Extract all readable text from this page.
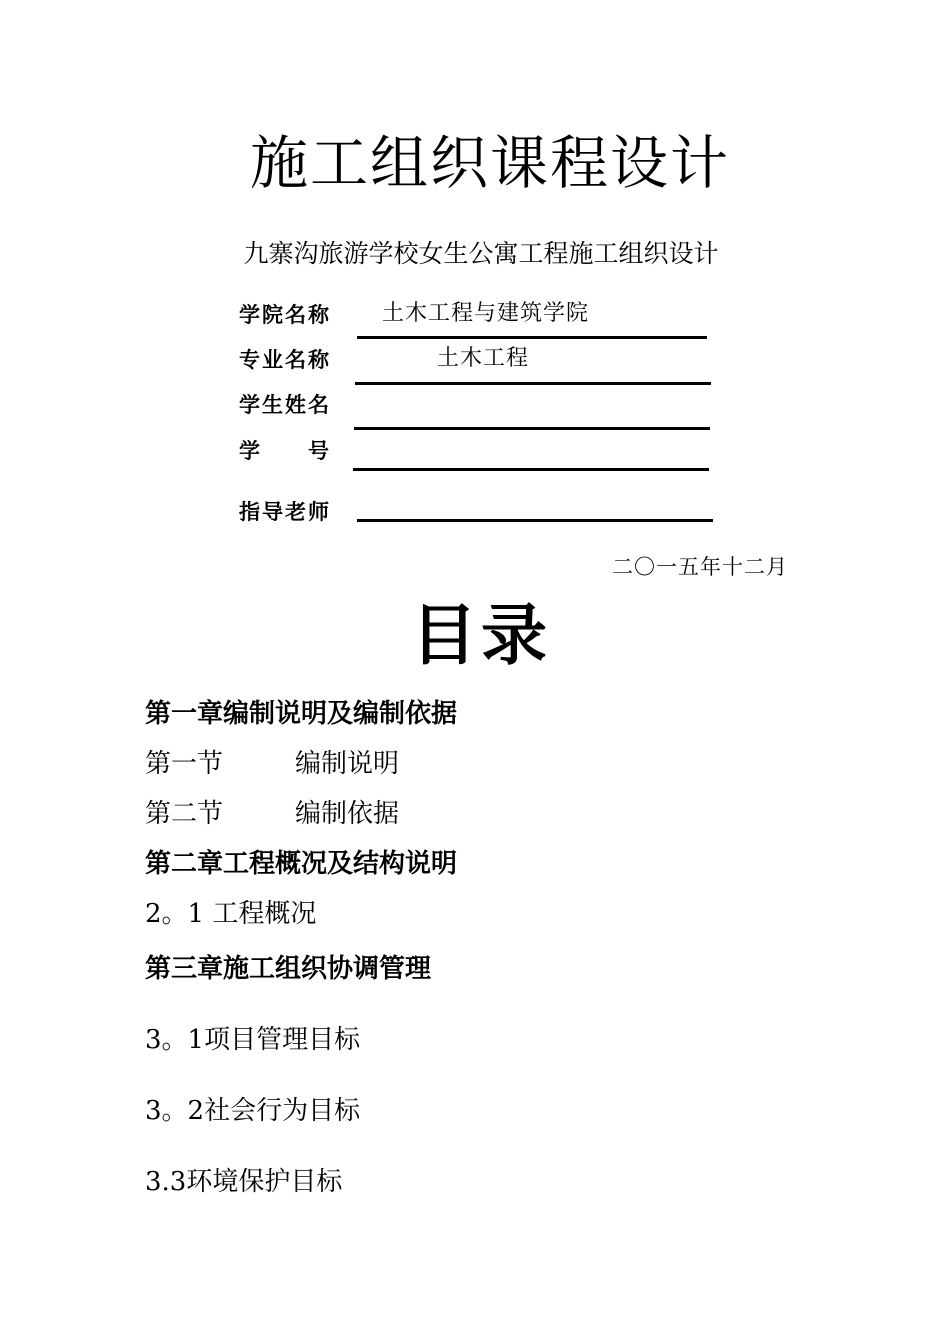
施工组织课程设计
九寨沟旅游学校女生公寓工程施工组织设计
学院名称 土木工程与建筑学院
专业名称	土木工程
学生姓名
学　　号
指导老师
二〇一五年十二月
目录
第一章编制说明及编制依据
第一节	编制说明
第二节	编制依据
第二章工程概况及结构说明
2。1 工程概况
第三章施工组织协调管理
3。1项目管理目标
3。2社会行为目标
3.3环境保护目标
